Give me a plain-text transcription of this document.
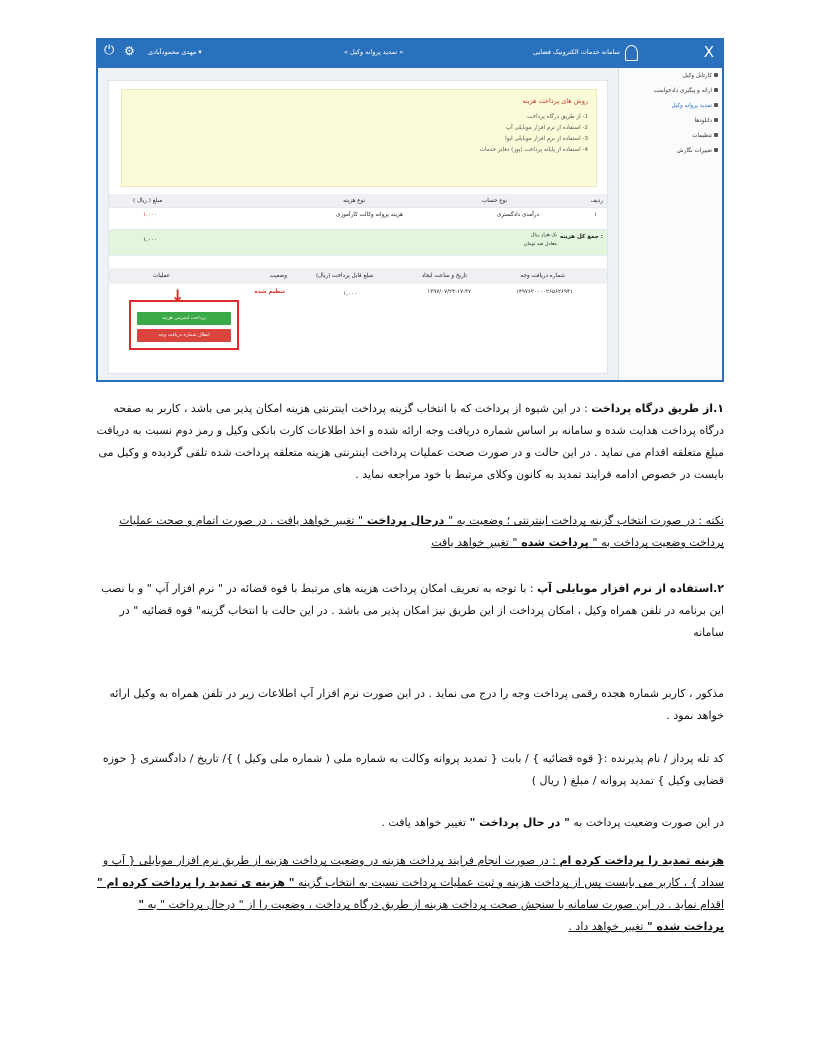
X
سامانه خدمات الکترونیک قضایی
« تمدید پروانه وکیل »
مهدی محمودآبادی ▾
⚙
⏻
کارتابل وکیل
ارائه و پیگیری دادخواست
تمدید پروانه وکیل
دانلودها
تنظیمات
تغییرات نگارش
روش های پرداخت هزینه
1- از طریق درگاه پرداخت
2- استفاده از نرم افزار موبایلی آپ
3- استفاده از نرم افزار موبایلی ایوا
4- استفاده از پایانه پرداخت (پوز) دفاتر خدمات
ردیف
نوع حساب
نوع هزینه
مبلغ ( ریال )
۱
درآمدی دادگستری
هزینه پروانه وکالت کارآموزی
۱,۰۰۰
جمع کل هزینه :
یک هزار ریال
معادل صد تومان
۱,۰۰۰
شماره دریافت وجه
تاریخ و ساعت ایجاد
مبلغ قابل پرداخت (ریال)
وضعیت
عملیات
۱۴۹۷۶۲۰۰۰۰۲۶۵۶۲۶۹۴۱
۱۳۹۷/۰۷/۲۴-۱۷:۳۷
۱,۰۰۰
تنظیم شده
↓
پرداخت اینترنتی هزینه
ابطال شماره دریافت وجه
۱.از طریق درگاه پرداخت : در این شیوه از پرداخت که با انتخاب گزینه پرداخت اینترنتی هزینه امکان پذیر می باشد ، کاربر به صفحه درگاه پرداخت هدایت شده و سامانه بر اساس شماره دریافت وجه ارائه شده و اخذ اطلاعات کارت بانکی وکیل و رمز دوم نسبت به دریافت مبلغ متعلقه اقدام می نماید . در این حالت و در صورت صحت عملیات پرداخت اینترنتی هزینه متعلقه پرداخت شده تلقی گردیده و وکیل می بایست در خصوص ادامه فرایند تمدید به کانون وکلای مرتبط با خود مراجعه نماید .
نکته : در صورت انتخاب گزینه پرداخت اینترنتی ؛ وضعیت به " درحال پرداخت " تغییر خواهد یافت . در صورت اتمام و صحت عملیات پرداخت وضعیت پرداخت به " پرداخت شده " تغییر خواهد یافت
۲.استفاده از نرم افزار موبایلی آپ : با توجه به تعریف امکان پرداخت هزینه های مرتبط با قوه قضائه در " نرم افزار آپ " و با نصب این برنامه در تلفن همراه وکیل ، امکان پرداخت از این طریق نیز امکان پذیر می باشد . در این حالت با انتخاب گزینه" قوه قضائیه " در سامانه
مذکور ، کاربر شماره هجده رقمی پرداخت وجه را درج می نماید . در این صورت نرم افزار آپ اطلاعات زیر در تلفن همراه به وکیل ارائه خواهد نمود .
کد تله پرداز / نام پذیرنده :{ قوه قضائیه } / بابت { تمدید پروانه وکالت به شماره ملی ( شماره ملی وکیل ) }/ تاریخ / دادگستری { حوزه قضایی وکیل } تمدید پروانه / مبلغ ( ریال )
در این صورت وضعیت پرداخت به " در حال پرداخت " تغییر خواهد یافت .
هزینه تمدید را پرداخت کرده ام : در صورت انجام فرایند پرداخت هزینه در وضعیت پرداخت هزینه از طریق نرم افزار موبایلی { آپ و سداد } ، کاربر می بایست پس از پرداخت هزینه و ثبت عملیات پرداخت نسبت به انتخاب گزینه " هزینه ی تمدید را پرداخت کرده ام " اقدام نماید . در این صورت سامانه با سنجش صحت پرداخت هزینه از طریق درگاه پرداخت ، وضعیت را از " درحال پرداخت " به " پرداخت شده " تغییر خواهد داد .
